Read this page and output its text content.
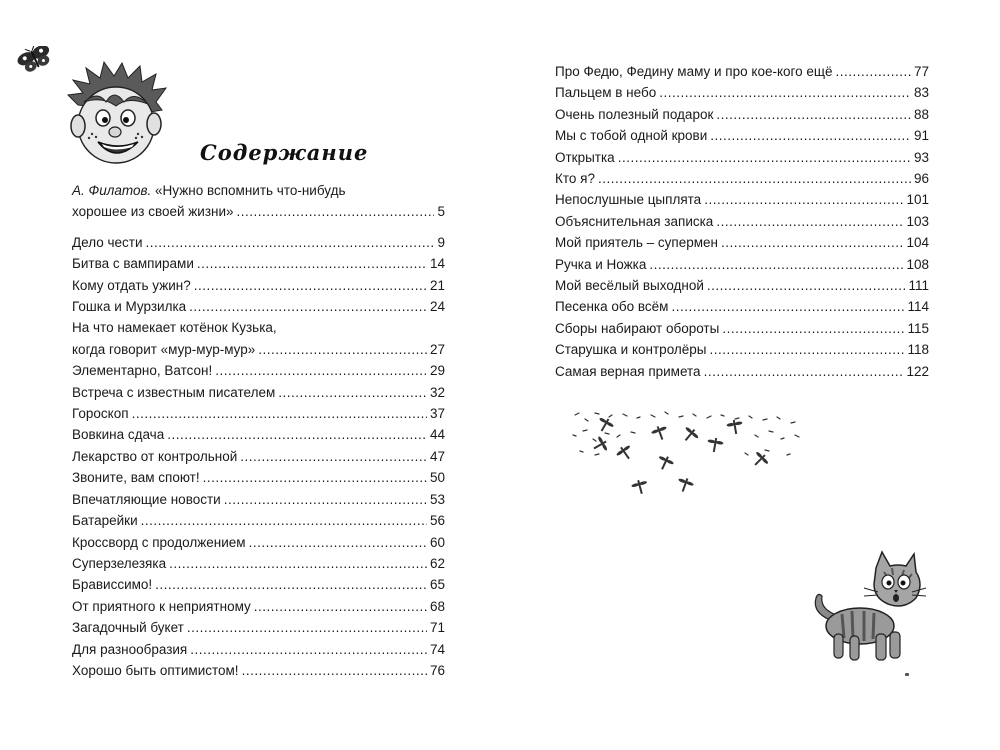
Содержание
А. Филатов.
«Нужно вспомнить что-нибудь
хорошее из своей жизни» .....	5
Дело чести .....	9
Битва с вампирами .....	14
Кому отдать ужин? .....	21
Гошка и Мурзилка .....	24
На что намекает котёнок Кузька,
когда говорит «мур-мур-мур» .....	27
Элементарно, Ватсон! .....	29
Встреча с известным писателем .....	32
Гороскоп .....	37
Вовкина сдача .....	44
Лекарство от контрольной .....	47
Звоните, вам споют! .....	50
Впечатляющие новости .....	53
Батарейки .....	56
Кроссворд с продолжением .....	60
Суперзелезяка .....	62
Брависсимо! .....	65
От приятного к неприятному .....	68
Загадочный букет .....	71
Для разнообразия .....	74
Хорошо быть оптимистом! .....	76
Про Федю, Федину маму и про кое-кого ещё .....	77
Пальцем в небо .....	83
Очень полезный подарок .....	88
Мы с тобой одной крови .....	91
Открытка .....	93
Кто я? .....	96
Непослушные цыплята .....	101
Объяснительная записка .....	103
Мой приятель – супермен .....	104
Ручка и Ножка .....	108
Мой весёлый выходной .....	111
Песенка обо всём .....	114
Сборы набирают обороты .....	115
Старушка и контролёры .....	118
Самая верная примета .....	122
